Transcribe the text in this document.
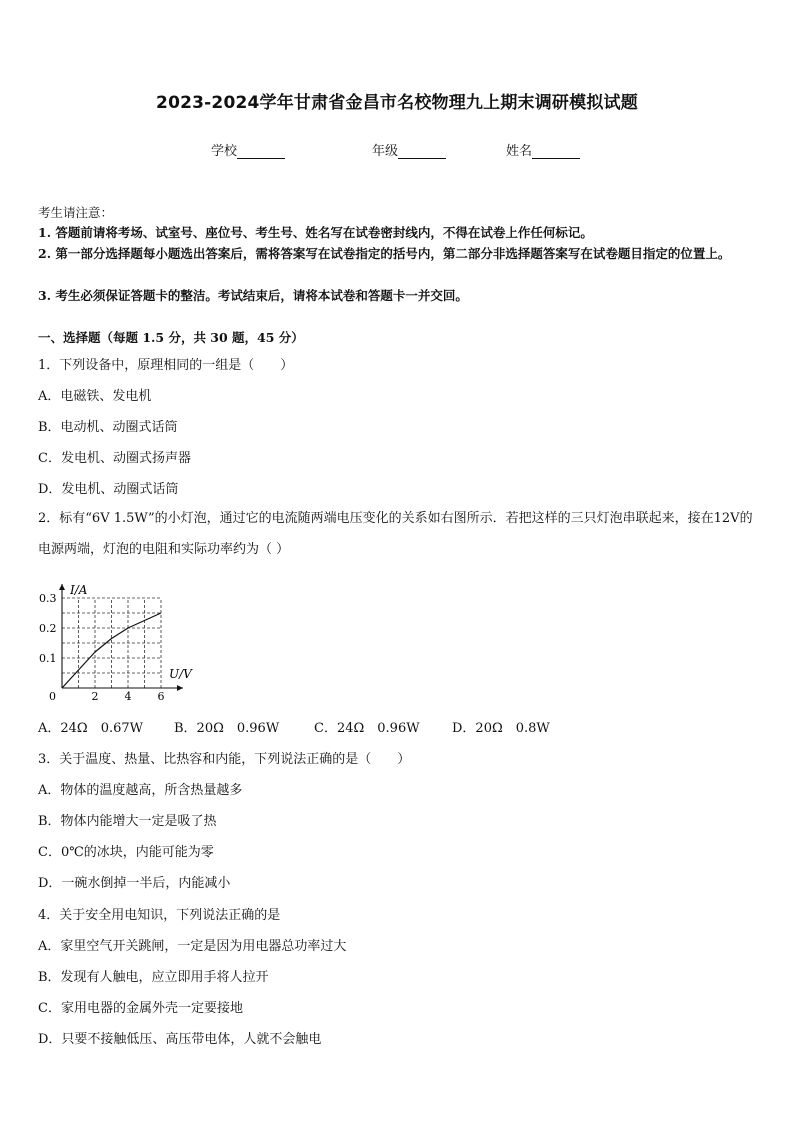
2023-2024学年甘肃省金昌市名校物理九上期末调研模拟试题
学校	年级	姓名
考生请注意：
1. 答题前请将考场、试室号、座位号、考生号、姓名写在试卷密封线内，不得在试卷上作任何标记。
2. 第一部分选择题每小题选出答案后，需将答案写在试卷指定的括号内，第二部分非选择题答案写在试卷题目指定的位置上。
3. 考生必须保证答题卡的整洁。考试结束后，请将本试卷和答题卡一并交回。
一、选择题（每题 1.5 分，共 30 题，45 分）
1．下列设备中，原理相同的一组是（　　）
A．电磁铁、发电机
B．电动机、动圈式话筒
C．发电机、动圈式扬声器
D．发电机、动圈式话筒
2．标有“6V 1.5W”的小灯泡，通过它的电流随两端电压变化的关系如右图所示．若把这样的三只灯泡串联起来，接在12V的电源两端，灯泡的电阻和实际功率约为（ ）
I/A
U/V
0	2 4 6
0.1
0.2
0.3
A．24Ω　0.67W B．20Ω　0.96W	C．24Ω　0.96W D．20Ω　0.8W
3．关于温度、热量、比热容和内能，下列说法正确的是（　　）
A．物体的温度越高，所含热量越多
B．物体内能增大一定是吸了热
C．0℃的冰块，内能可能为零
D．一碗水倒掉一半后，内能减小
4．关于安全用电知识，下列说法正确的是
A．家里空气开关跳闸，一定是因为用电器总功率过大
B．发现有人触电，应立即用手将人拉开
C．家用电器的金属外壳一定要接地
D．只要不接触低压、高压带电体，人就不会触电
